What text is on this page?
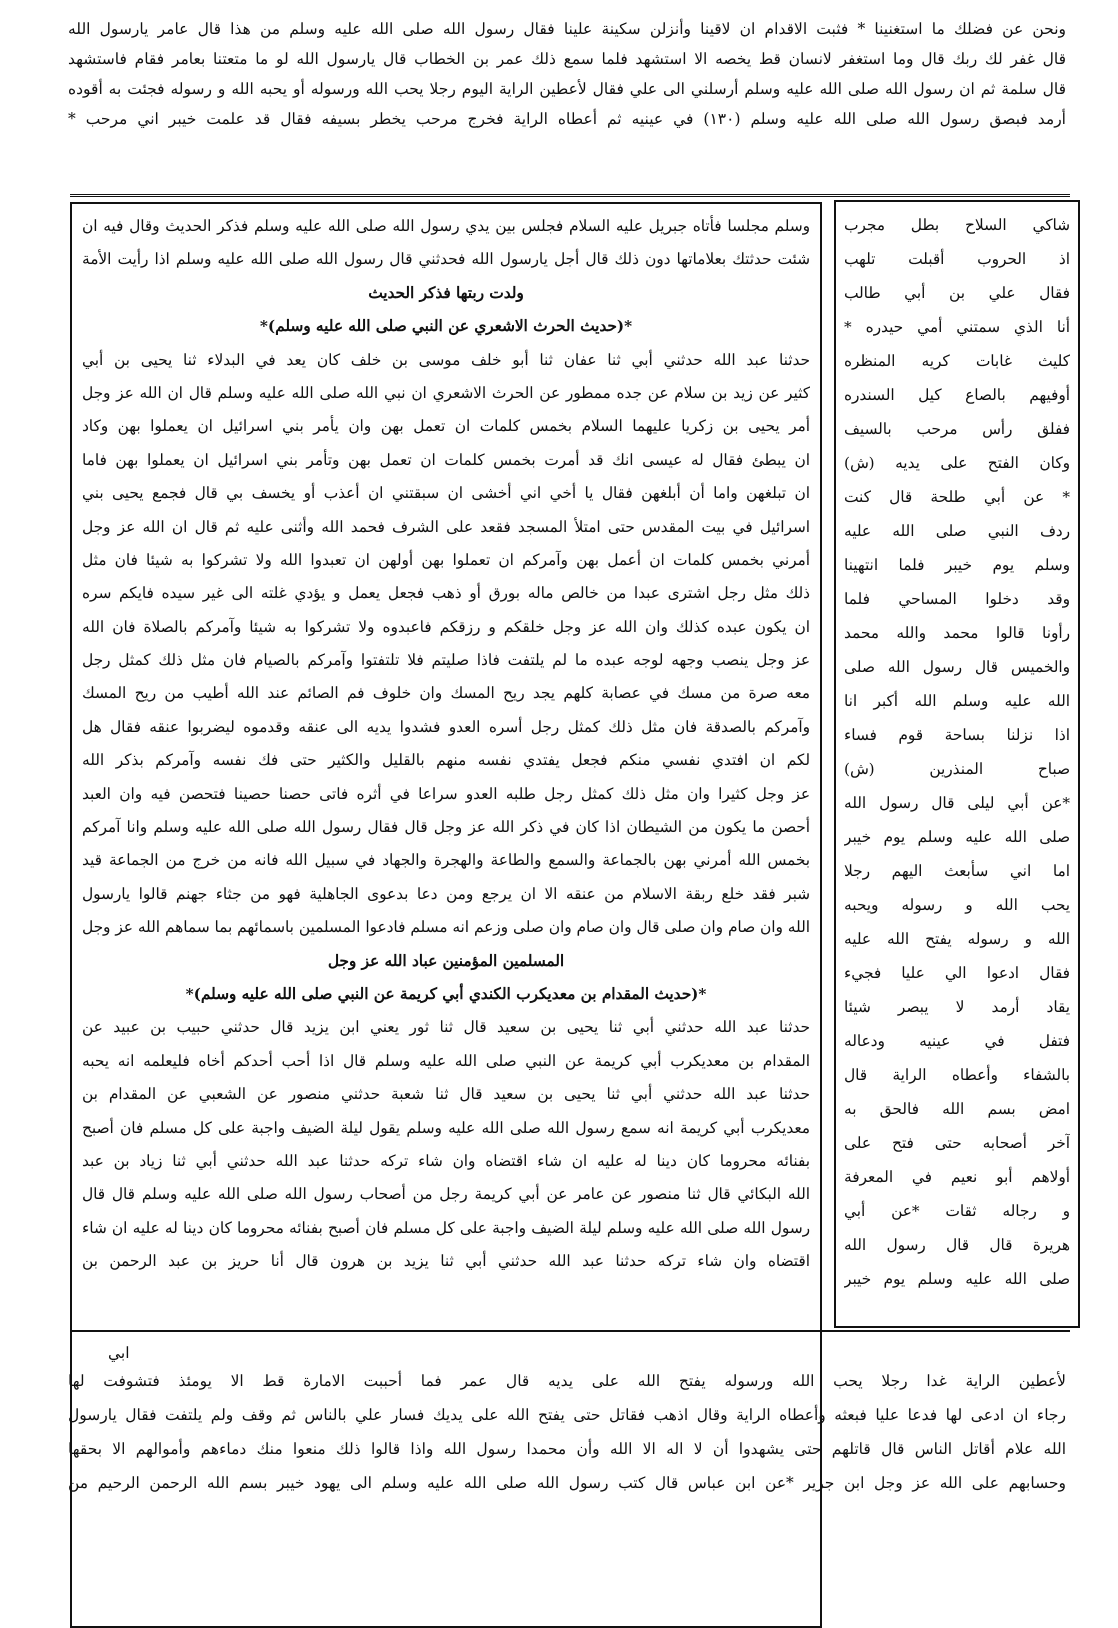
ونحن عن فضلك ما استغنينا * فثبت الاقدام ان لاقينا وأنزلن سكينة علينا فقال رسول الله صلى الله عليه وسلم من هذا قال عامر يارسول الله
قال غفر لك ربك قال وما استغفر لانسان قط يخصه الا استشهد فلما سمع ذلك عمر بن الخطاب قال يارسول الله لو ما متعتنا بعامر فقام فاستشهد
قال سلمة ثم ان رسول الله صلى الله عليه وسلم أرسلني الى علي فقال لأعطين الراية اليوم رجلا يحب الله ورسوله أو يحبه الله و رسوله فجئت به أقوده
أرمد فبصق رسول الله صلى الله عليه وسلم (١٣٠) في عينيه ثم أعطاه الراية فخرج مرحب يخطر بسيفه فقال قد علمت خيبر اني مرحب *
وسلم مجلسا فأتاه جبريل عليه السلام فجلس بين يدي رسول الله صلى الله عليه وسلم فذكر الحديث وقال فيه ان
شئت حدثتك بعلاماتها دون ذلك قال أجل يارسول الله فحدثني قال رسول الله صلى الله عليه وسلم اذا رأيت الأمة
ولدت ربتها فذكر الحديث
*(حديث الحرث الاشعري عن النبي صلى الله عليه وسلم)*
حدثنا عبد الله حدثني أبي ثنا عفان ثنا أبو خلف موسى بن خلف كان يعد في البدلاء ثنا يحيى بن أبي
كثير عن زيد بن سلام عن جده ممطور عن الحرث الاشعري ان نبي الله صلى الله عليه وسلم قال ان الله عز وجل
أمر يحيى بن زكريا عليهما السلام بخمس كلمات ان تعمل بهن وان يأمر بني اسرائيل ان يعملوا بهن وكاد
ان يبطئ فقال له عيسى انك قد أمرت بخمس كلمات ان تعمل بهن وتأمر بني اسرائيل ان يعملوا بهن فاما
ان تبلغهن واما أن أبلغهن فقال يا أخي اني أخشى ان سبقتني ان أعذب أو يخسف بي قال فجمع يحيى بني
اسرائيل في بيت المقدس حتى امتلأ المسجد فقعد على الشرف فحمد الله وأثنى عليه ثم قال ان الله عز وجل
أمرني بخمس كلمات ان أعمل بهن وآمركم ان تعملوا بهن أولهن ان تعبدوا الله ولا تشركوا به شيئا فان مثل
ذلك مثل رجل اشترى عبدا من خالص ماله بورق أو ذهب فجعل يعمل و يؤدي غلته الى غير سيده فايكم سره
ان يكون عبده كذلك وان الله عز وجل خلقكم و رزقكم فاعبدوه ولا تشركوا به شيئا وآمركم بالصلاة فان الله
عز وجل ينصب وجهه لوجه عبده ما لم يلتفت فاذا صليتم فلا تلتفتوا وآمركم بالصيام فان مثل ذلك كمثل رجل
معه صرة من مسك في عصابة كلهم يجد ريح المسك وان خلوف فم الصائم عند الله أطيب من ريح المسك
وآمركم بالصدقة فان مثل ذلك كمثل رجل أسره العدو فشدوا يديه الى عنقه وقدموه ليضربوا عنقه فقال هل
لكم ان افتدي نفسي منكم فجعل يفتدي نفسه منهم بالقليل والكثير حتى فك نفسه وآمركم بذكر الله
عز وجل كثيرا وان مثل ذلك كمثل رجل طلبه العدو سراعا في أثره فاتى حصنا حصينا فتحصن فيه وان العبد
أحصن ما يكون من الشيطان اذا كان في ذكر الله عز وجل قال فقال رسول الله صلى الله عليه وسلم وانا آمركم
بخمس الله أمرني بهن بالجماعة والسمع والطاعة والهجرة والجهاد في سبيل الله فانه من خرج من الجماعة قيد
شبر فقد خلع ربقة الاسلام من عنقه الا ان يرجع ومن دعا بدعوى الجاهلية فهو من جثاء جهنم قالوا يارسول
الله وان صام وان صلى قال وان صام وان صلى وزعم انه مسلم فادعوا المسلمين باسمائهم بما سماهم الله عز وجل
المسلمين المؤمنين عباد الله عز وجل
*(حديث المقدام بن معديكرب الكندي أبي كريمة عن النبي صلى الله عليه وسلم)*
حدثنا عبد الله حدثني أبي ثنا يحيى بن سعيد قال ثنا ثور يعني ابن يزيد قال حدثني حبيب بن عبيد عن
المقدام بن معديكرب أبي كريمة عن النبي صلى الله عليه وسلم قال اذا أحب أحدكم أخاه فليعلمه انه يحبه
حدثنا عبد الله حدثني أبي ثنا يحيى بن سعيد قال ثنا شعبة حدثني منصور عن الشعبي عن المقدام بن
معديكرب أبي كريمة انه سمع رسول الله صلى الله عليه وسلم يقول ليلة الضيف واجبة على كل مسلم فان أصبح
بفنائه محروما كان دينا له عليه ان شاء اقتضاه وان شاء تركه حدثنا عبد الله حدثني أبي ثنا زياد بن عبد
الله البكائي قال ثنا منصور عن عامر عن أبي كريمة رجل من أصحاب رسول الله صلى الله عليه وسلم قال قال
رسول الله صلى الله عليه وسلم ليلة الضيف واجبة على كل مسلم فان أصبح بفنائه محروما كان دينا له عليه ان شاء
اقتضاه وان شاء تركه حدثنا عبد الله حدثني أبي ثنا يزيد بن هرون قال أنا حريز بن عبد الرحمن بن
شاكي السلاح بطل مجرب
اذ الحروب أقبلت تلهب
فقال علي بن أبي طالب
أنا الذي سمتني أمي حيدره *
كليث غابات كريه المنظره
أوفيهم بالصاع كيل السندره
ففلق رأس مرحب بالسيف
وكان الفتح على يديه (ش)
* عن أبي طلحة قال كنت
ردف النبي صلى الله عليه
وسلم يوم خيبر فلما انتهينا
وقد دخلوا المساحي فلما
رأونا قالوا محمد والله محمد
والخميس قال رسول الله صلى
الله عليه وسلم الله أكبر انا
اذا نزلنا بساحة قوم فساء
صباح المنذرين (ش)
*عن أبي ليلى قال رسول الله
صلى الله عليه وسلم يوم خيبر
اما اني سأبعث اليهم رجلا
يحب الله و رسوله ويحبه
الله و رسوله يفتح الله عليه
فقال ادعوا الي عليا فجيء
يقاد أرمد لا يبصر شيئا
فتفل في عينيه ودعاله
بالشفاء وأعطاه الراية قال
امض بسم الله فالحق به
آخر أصحابه حتى فتح على
أولاهم أبو نعيم في المعرفة
و رجاله ثقات *عن أبي
هريرة قال قال رسول الله
صلى الله عليه وسلم يوم خيبر
ابي
لأعطين الراية غدا رجلا يحب الله ورسوله يفتح الله على يديه قال عمر فما أحببت الامارة قط الا يومئذ فتشوفت لها
رجاء ان ادعى لها فدعا عليا فبعثه وأعطاه الراية وقال اذهب فقاتل حتى يفتح الله على يديك فسار علي بالناس ثم وقف ولم يلتفت فقال يارسول
الله علام أقاتل الناس قال قاتلهم حتى يشهدوا أن لا اله الا الله وأن محمدا رسول الله واذا قالوا ذلك منعوا منك دماءهم وأموالهم الا بحقها
وحسابهم على الله عز وجل ابن جرير *عن ابن عباس قال كتب رسول الله صلى الله عليه وسلم الى يهود خيبر بسم الله الرحمن الرحيم من
